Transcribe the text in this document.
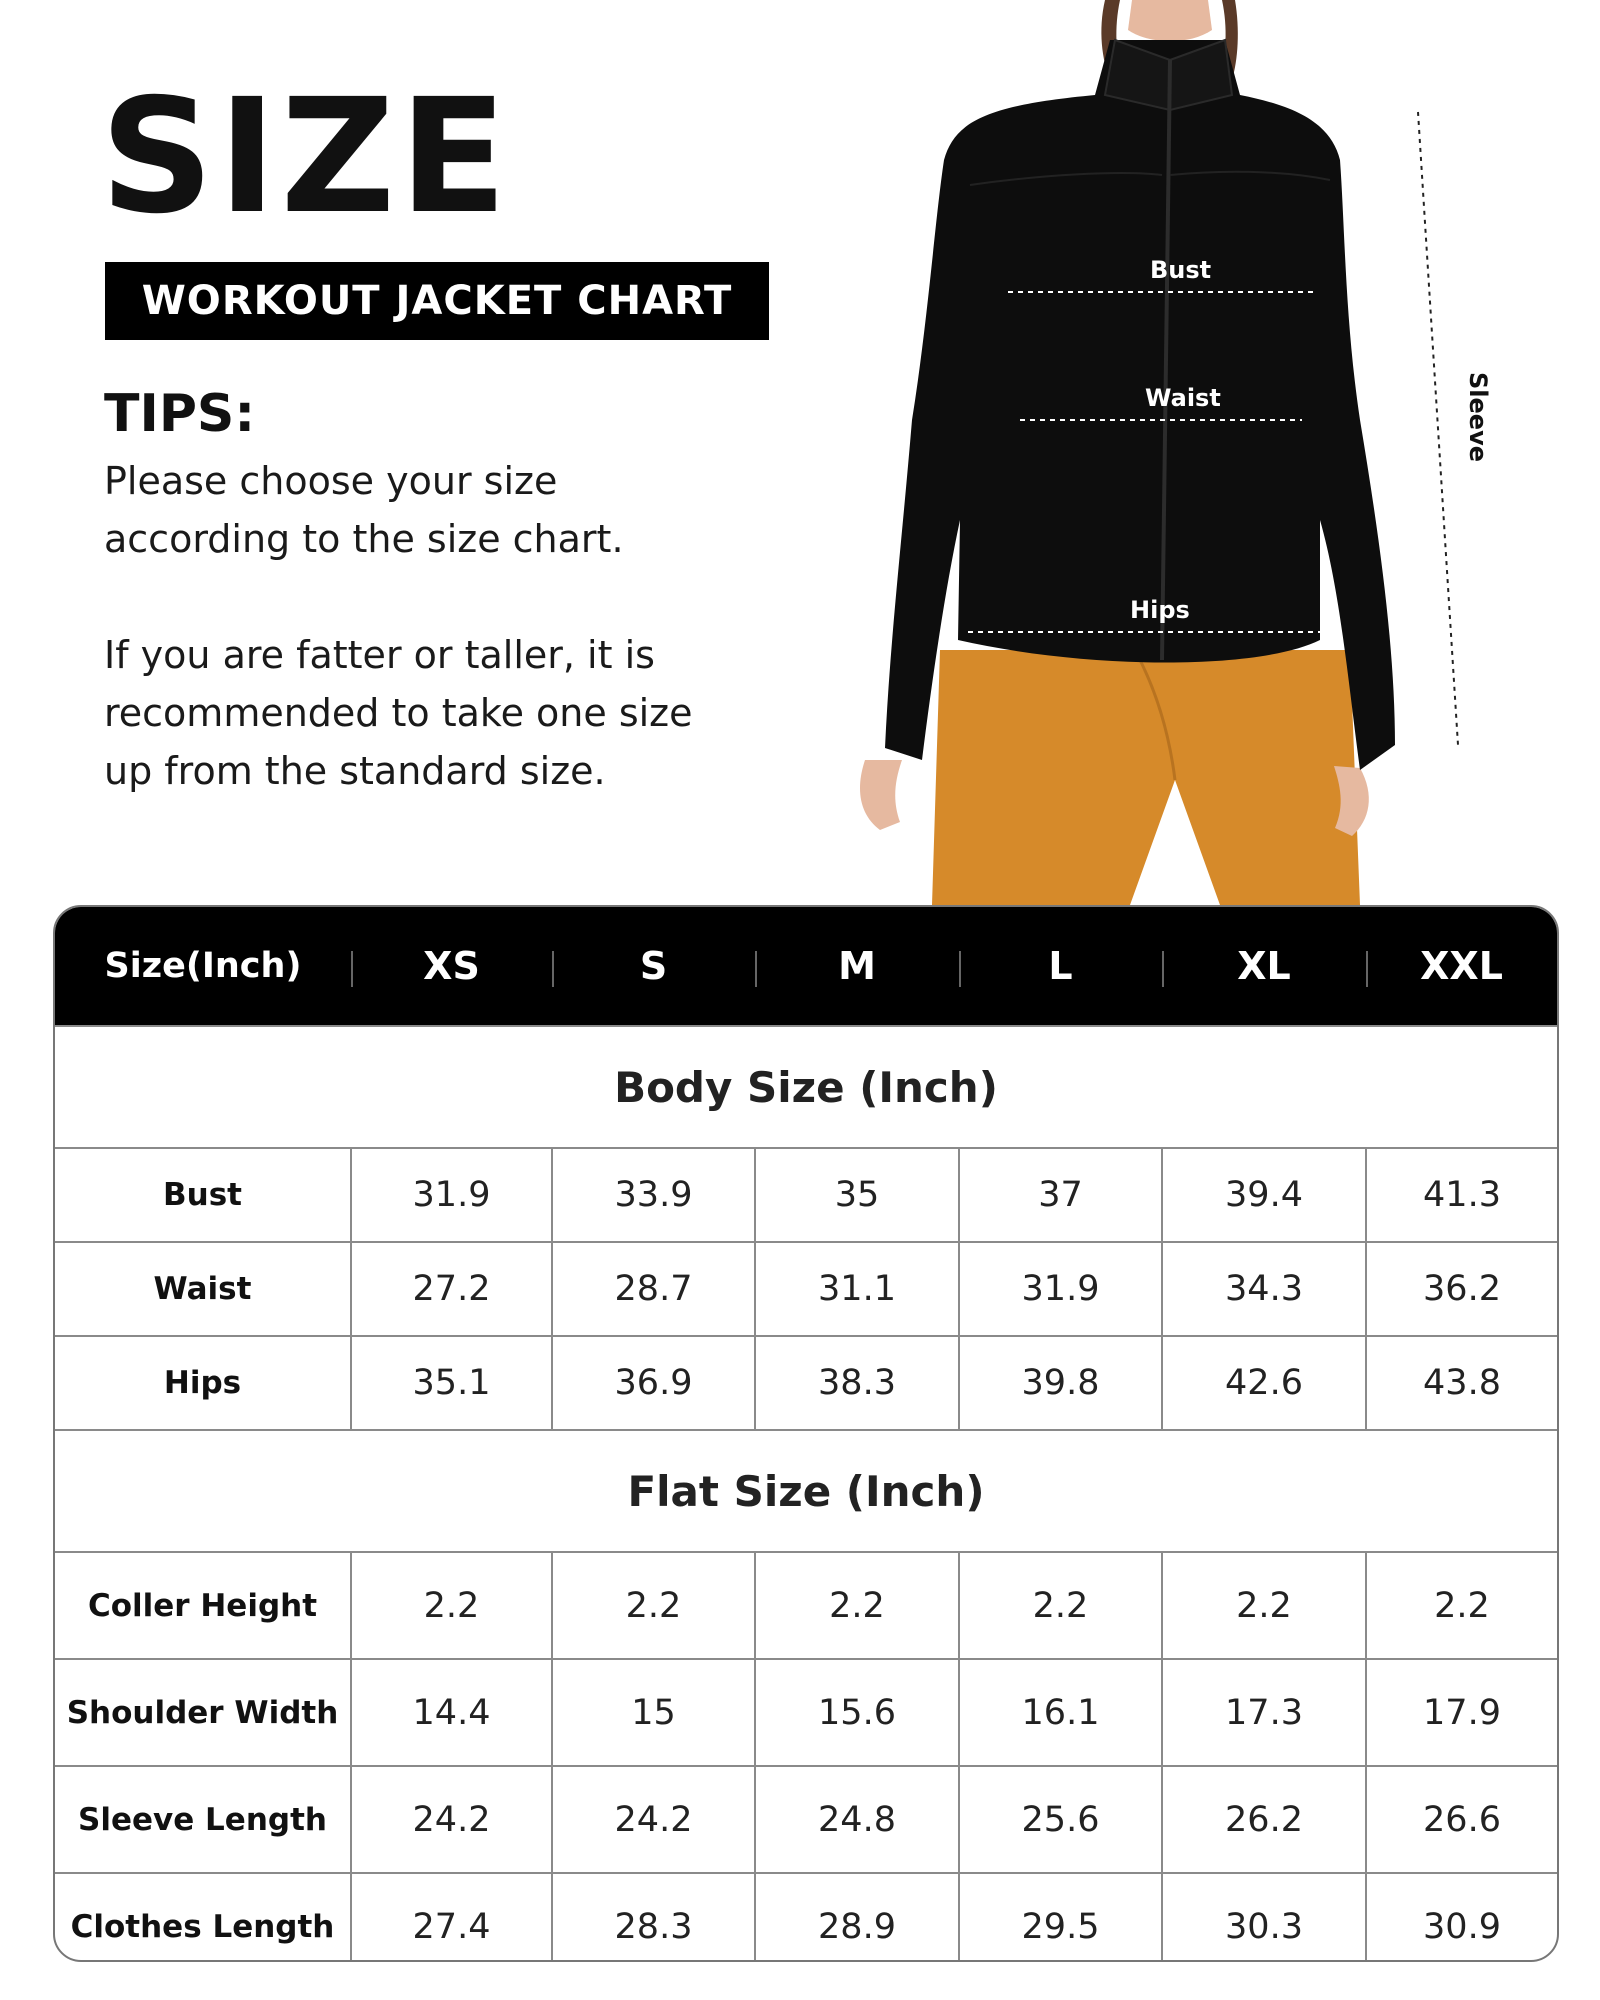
SIZE
WORKOUT JACKET CHART
TIPS:

Please choose your size
according to the size chart.

If you are fatter or taller, it is
recommended to take one size
up from the standard size.

Bust
Waist
Hips
Sleeve
Size(Inch)	XS	S	M	L	XL	XXL
Body Size (Inch)						
Bust	31.9	33.9	35	37	39.4	41.3
Waist	27.2	28.7	31.1	31.9	34.3	36.2
Hips	35.1	36.9	38.3	39.8	42.6	43.8
Flat Size (Inch)						
Coller Height	2.2	2.2	2.2	2.2	2.2	2.2
Shoulder Width	14.4	15	15.6	16.1	17.3	17.9
Sleeve Length	24.2	24.2	24.8	25.6	26.2	26.6
Clothes Length	27.4	28.3	28.9	29.5	30.3	30.9
